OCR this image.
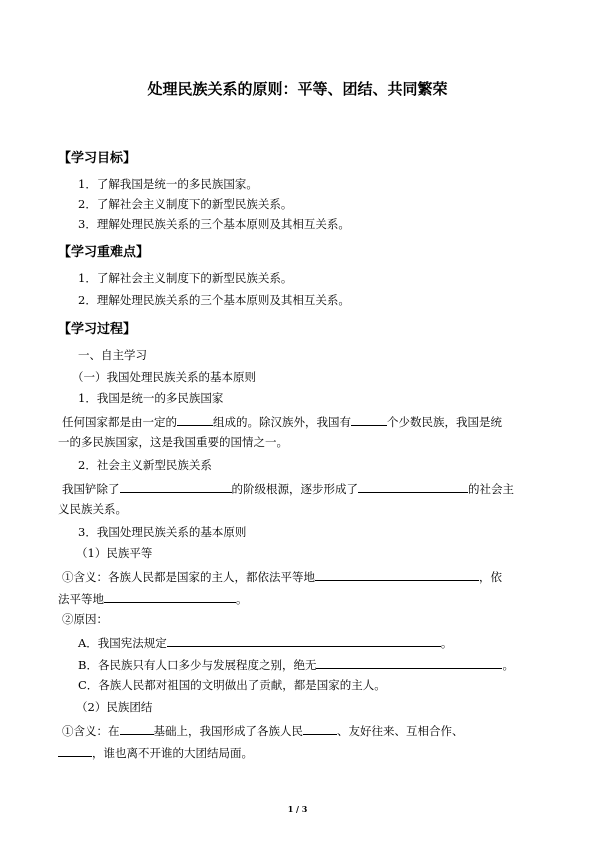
处理民族关系的原则：平等、团结、共同繁荣
【学习目标】
1．了解我国是统一的多民族国家。
2．了解社会主义制度下的新型民族关系。
3．理解处理民族关系的三个基本原则及其相互关系。
【学习重难点】
1．了解社会主义制度下的新型民族关系。
2．理解处理民族关系的三个基本原则及其相互关系。
【学习过程】
一、自主学习
（一）我国处理民族关系的基本原则
1．我国是统一的多民族国家
任何国家都是由一定的	组成的。除汉族外，我国有	个少数民族，我国是统
一的多民族国家，这是我国重要的国情之一。
2．社会主义新型民族关系
我国铲除了	的阶级根源，逐步形成了	的社会主
义民族关系。
3．我国处理民族关系的基本原则
（1）民族平等
①含义：各族人民都是国家的主人，都依法平等地	，依
法平等地	。
②原因：
A．我国宪法规定	。
B．各民族只有人口多少与发展程度之别，绝无	。
C．各族人民都对祖国的文明做出了贡献，都是国家的主人。
（2）民族团结
①含义：在	基础上，我国形成了各族人民	、友好往来、互相合作、
，谁也离不开谁的大团结局面。
1 / 3
